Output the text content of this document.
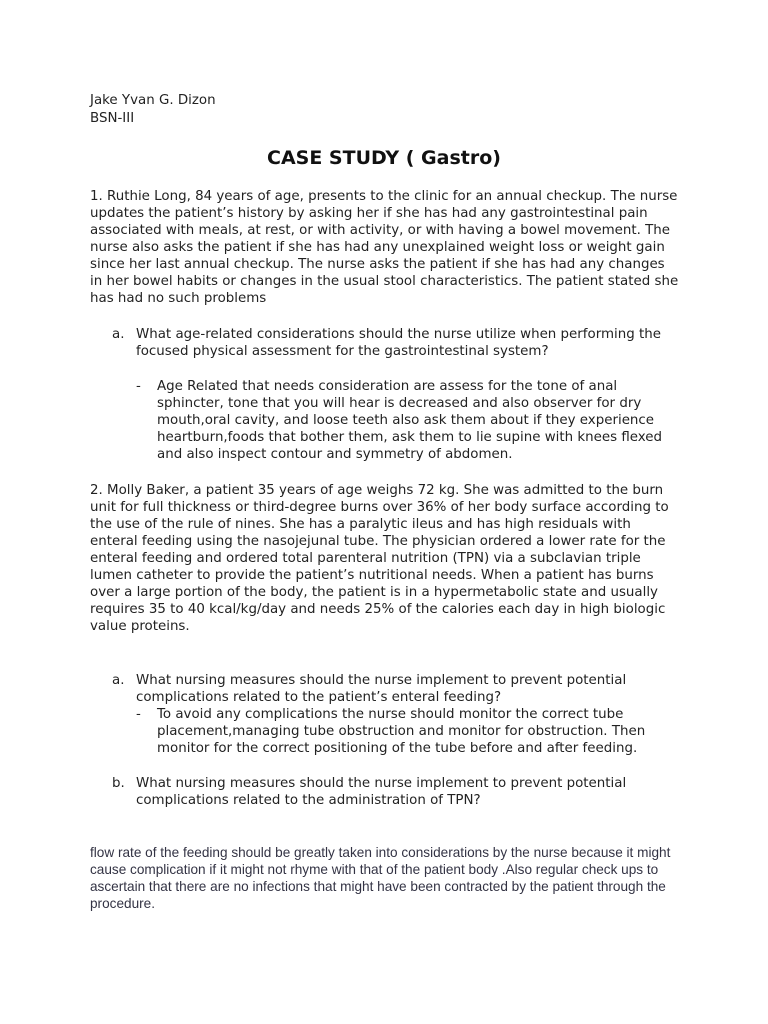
Jake Yvan G. Dizon
BSN-III
CASE STUDY ( Gastro)
1. Ruthie Long, 84 years of age, presents to the clinic for an annual checkup. The nurse updates the patient’s history by asking her if she has had any gastrointestinal pain associated with meals, at rest, or with activity, or with having a bowel movement. The nurse also asks the patient if she has had any unexplained weight loss or weight gain since her last annual checkup. The nurse asks the patient if she has had any changes in her bowel habits or changes in the usual stool characteristics. The patient stated she has had no such problems
a. What age-related considerations should the nurse utilize when performing the focused physical assessment for the gastrointestinal system?
- Age Related that needs consideration are assess for the tone of anal sphincter, tone that you will hear is decreased and also observer for dry mouth,oral cavity, and loose teeth also ask them about if they experience heartburn,foods that bother them, ask them to lie supine with knees flexed and also inspect contour and symmetry of abdomen.
2. Molly Baker, a patient 35 years of age weighs 72 kg. She was admitted to the burn unit for full thickness or third-degree burns over 36% of her body surface according to the use of the rule of nines. She has a paralytic ileus and has high residuals with enteral feeding using the nasojejunal tube. The physician ordered a lower rate for the enteral feeding and ordered total parenteral nutrition (TPN) via a subclavian triple lumen catheter to provide the patient’s nutritional needs. When a patient has burns over a large portion of the body, the patient is in a hypermetabolic state and usually requires 35 to 40 kcal/kg/day and needs 25% of the calories each day in high biologic value proteins.
a. What nursing measures should the nurse implement to prevent potential complications related to the patient’s enteral feeding?
- To avoid any complications the nurse should monitor the correct tube placement,managing tube obstruction and monitor for obstruction. Then monitor for the correct positioning of the tube before and after feeding.
b. What nursing measures should the nurse implement to prevent potential complications related to the administration of TPN?
flow rate of the feeding should be greatly taken into considerations by the nurse because it might cause complication if it might not rhyme with that of the patient body .Also regular check ups to ascertain that there are no infections that might have been contracted by the patient through the procedure.
